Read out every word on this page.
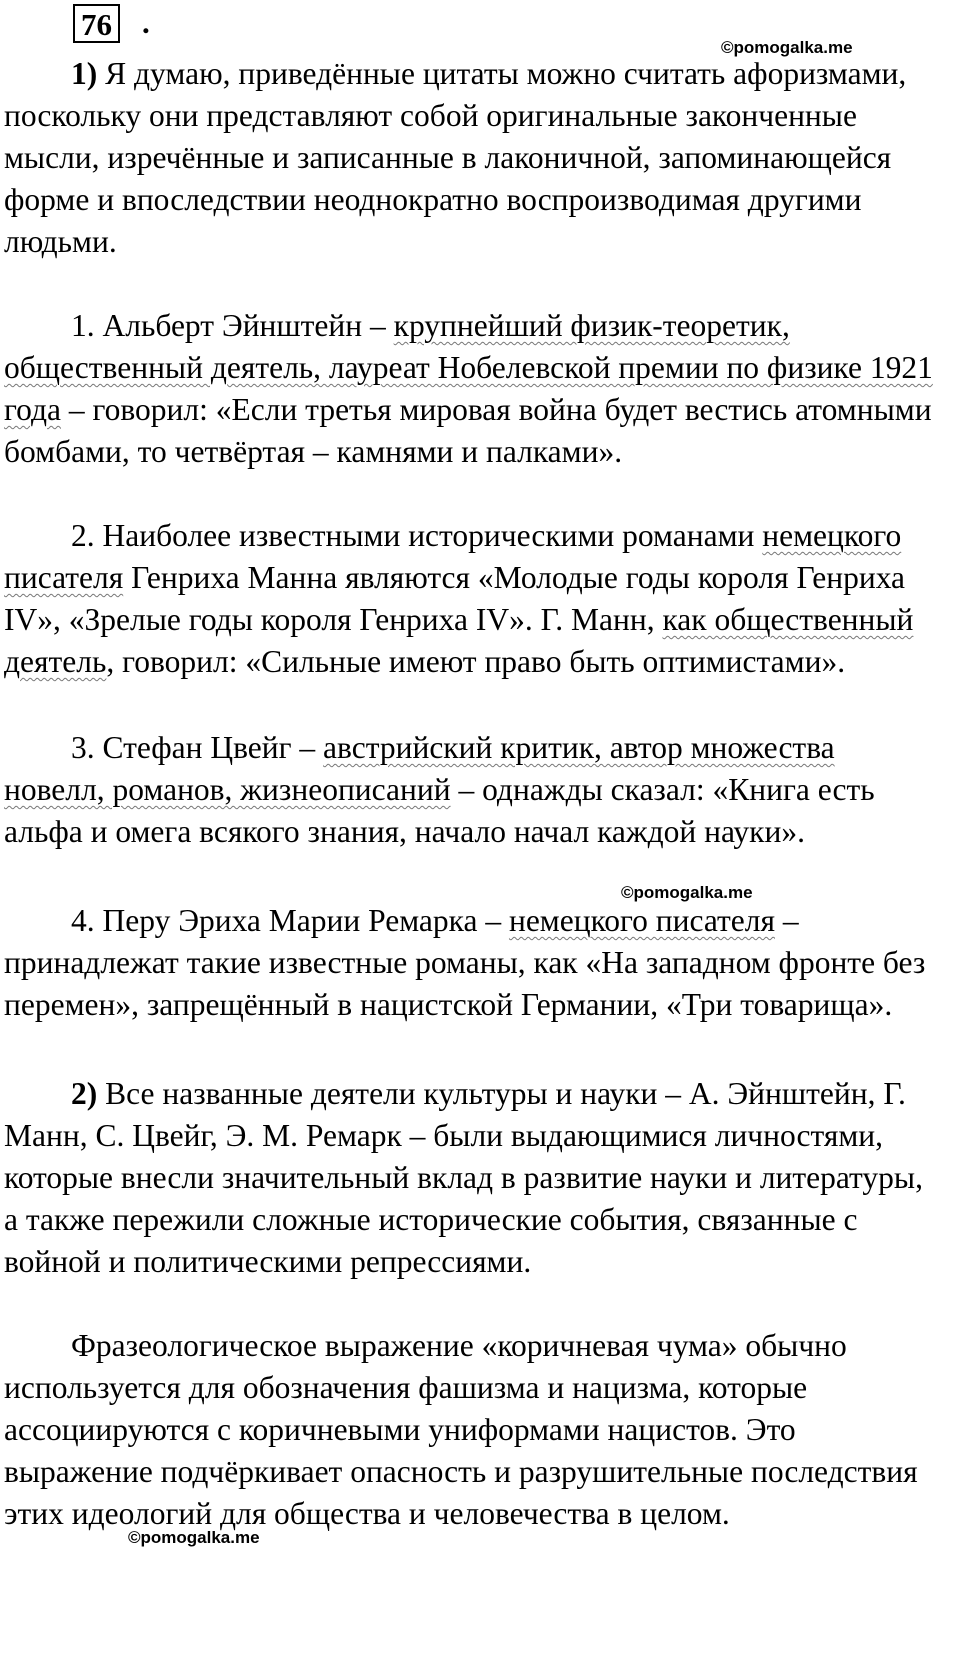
76 .
©pomogalka.me
©pomogalka.me
©pomogalka.me

1) Я думаю, приведённые цитаты можно считать афоризмами, поскольку они представляют собой оригинальные законченные мысли, изречённые и записанные в лаконичной, запоминающейся форме и впоследствии неоднократно воспроизводимая другими людьми.

1. Альберт Эйнштейн – крупнейший физик-теоретик, общественный деятель, лауреат Нобелевской премии по физике 1921 года – говорил: «Если третья мировая война будет вестись атомными бомбами, то четвёртая – камнями и палками».

2. Наиболее известными историческими романами немецкого писателя Генриха Манна являются «Молодые годы короля Генриха IV», «Зрелые годы короля Генриха IV». Г. Манн, как общественный деятель, говорил: «Сильные имеют право быть оптимистами».

3. Стефан Цвейг – австрийский критик, автор множества новелл, романов, жизнеописаний – однажды сказал: «Книга есть альфа и омега всякого знания, начало начал каждой науки».

4. Перу Эриха Марии Ремарка – немецкого писателя – принадлежат такие известные романы, как «На западном фронте без перемен», запрещённый в нацистской Германии, «Три товарища».

2) Все названные деятели культуры и науки – А. Эйнштейн, Г. Манн, С. Цвейг, Э. М. Ремарк – были выдающимися личностями, которые внесли значительный вклад в развитие науки и литературы, а также пережили сложные исторические события, связанные с войной и политическими репрессиями.

Фразеологическое выражение «коричневая чума» обычно используется для обозначения фашизма и нацизма, которые ассоциируются с коричневыми униформами нацистов. Это выражение подчёркивает опасность и разрушительные последствия этих идеологий для общества и человечества в целом.
